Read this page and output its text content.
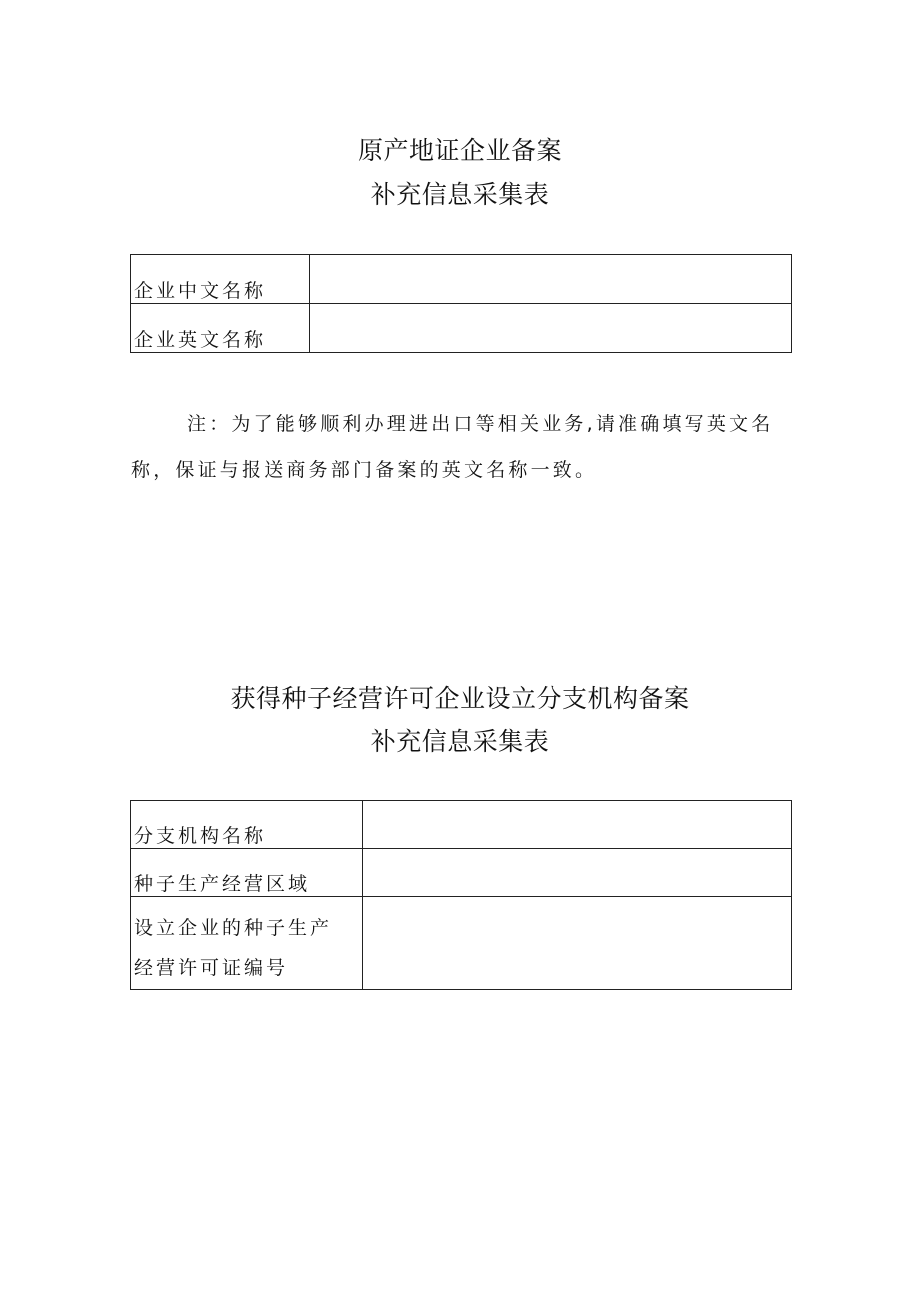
原产地证企业备案
补充信息采集表
企业中文名称	
企业英文名称	

注：为了能够顺利办理进出口等相关业务,请准确填写英文名称，保证与报送商务部门备案的英文名称一致。

获得种子经营许可企业设立分支机构备案
补充信息采集表
分支机构名称	
种子生产经营区域	

设立企业的种子生产
经营许可证编号	
